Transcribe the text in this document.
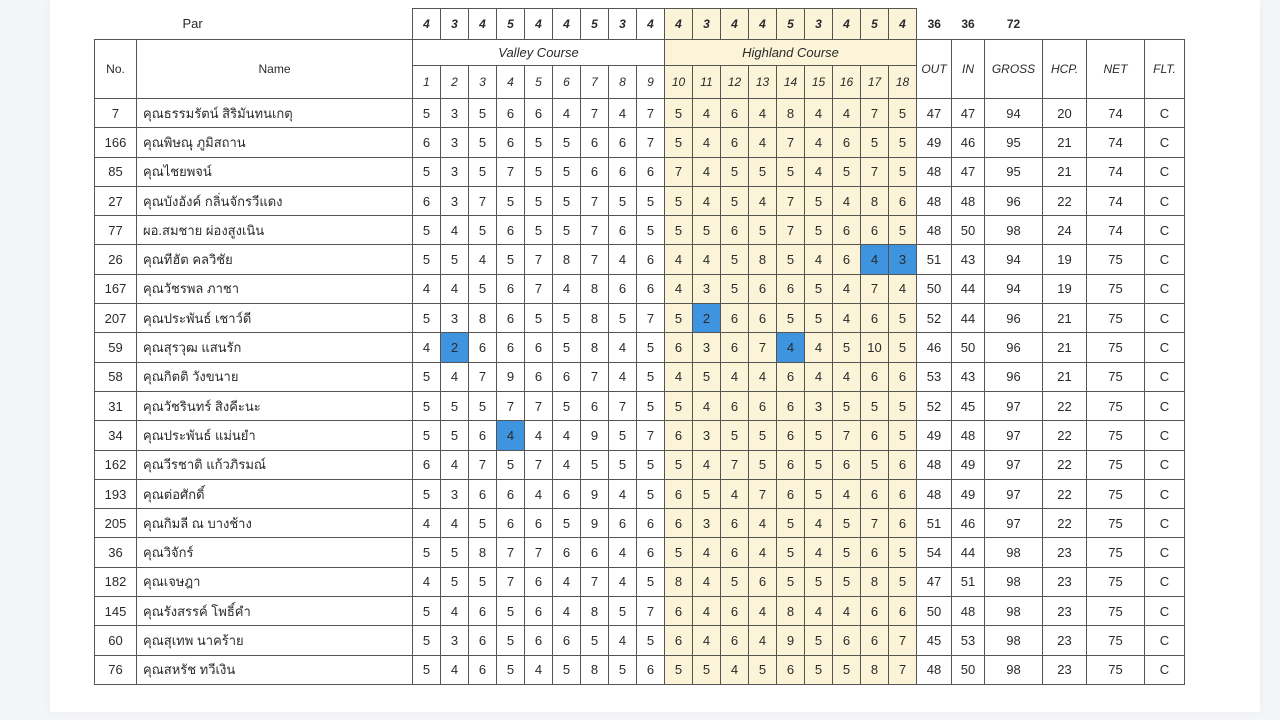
	Par	4	3	4	5	4	4	5	3	4	4	3	4	4	5	3	4	5	4	36	36	72			
No.	Name	Valley Course									Highland Course									OUT	IN	GROSS	HCP.	NET	FLT.
		1	2	3	4	5	6	7	8	9	10	11	12	13	14	15	16	17	18						
7	คุณธรรมรัตน์ สิริมันทนเกตุ	5	3	5	6	6	4	7	4	7	5	4	6	4	8	4	4	7	5	47	47	94	20	74	C
166	คุณพิษณุ ภูมิสถาน	6	3	5	6	5	5	6	6	7	5	4	6	4	7	4	6	5	5	49	46	95	21	74	C
85	คุณไชยพจน์	5	3	5	7	5	5	6	6	6	7	4	5	5	5	4	5	7	5	48	47	95	21	74	C
27	คุณบังอังค์ กลิ่นจักรวีแดง	6	3	7	5	5	5	7	5	5	5	4	5	4	7	5	4	8	6	48	48	96	22	74	C
77	ผอ.สมชาย ผ่องสูงเนิน	5	4	5	6	5	5	7	6	5	5	5	6	5	7	5	6	6	5	48	50	98	24	74	C
26	คุณทีฮัต คลวิชัย	5	5	4	5	7	8	7	4	6	4	4	5	8	5	4	6	4	3	51	43	94	19	75	C
167	คุณวัชรพล ภาชา	4	4	5	6	7	4	8	6	6	4	3	5	6	6	5	4	7	4	50	44	94	19	75	C
207	คุณประพันธ์ เชาว์ดี	5	3	8	6	5	5	8	5	7	5	2	6	6	5	5	4	6	5	52	44	96	21	75	C
59	คุณสุรวุฒ แสนรัก	4	2	6	6	6	5	8	4	5	6	3	6	7	4	4	5	10	5	46	50	96	21	75	C
58	คุณกิตติ วังขนาย	5	4	7	9	6	6	7	4	5	4	5	4	4	6	4	4	6	6	53	43	96	21	75	C
31	คุณวัชรินทร์ สิงคีะนะ	5	5	5	7	7	5	6	7	5	5	4	6	6	6	3	5	5	5	52	45	97	22	75	C
34	คุณประพันธ์ แม่นยำ	5	5	6	4	4	4	9	5	7	6	3	5	5	6	5	7	6	5	49	48	97	22	75	C
162	คุณวีรชาติ แก้วภิรมณ์	6	4	7	5	7	4	5	5	5	5	4	7	5	6	5	6	5	6	48	49	97	22	75	C
193	คุณต่อศักดิ์	5	3	6	6	4	6	9	4	5	6	5	4	7	6	5	4	6	6	48	49	97	22	75	C
205	คุณกิมลี ณ บางช้าง	4	4	5	6	6	5	9	6	6	6	3	6	4	5	4	5	7	6	51	46	97	22	75	C
36	คุณวิจักร์	5	5	8	7	7	6	6	4	6	5	4	6	4	5	4	5	6	5	54	44	98	23	75	C
182	คุณเจษฎา	4	5	5	7	6	4	7	4	5	8	4	5	6	5	5	5	8	5	47	51	98	23	75	C
145	คุณรังสรรค์ โพธิ์คำ	5	4	6	5	6	4	8	5	7	6	4	6	4	8	4	4	6	6	50	48	98	23	75	C
60	คุณสุเทพ นาคร้าย	5	3	6	5	6	6	5	4	5	6	4	6	4	9	5	6	6	7	45	53	98	23	75	C
76	คุณสหรัช ทวีเงิน	5	4	6	5	4	5	8	5	6	5	5	4	5	6	5	5	8	7	48	50	98	23	75	C
